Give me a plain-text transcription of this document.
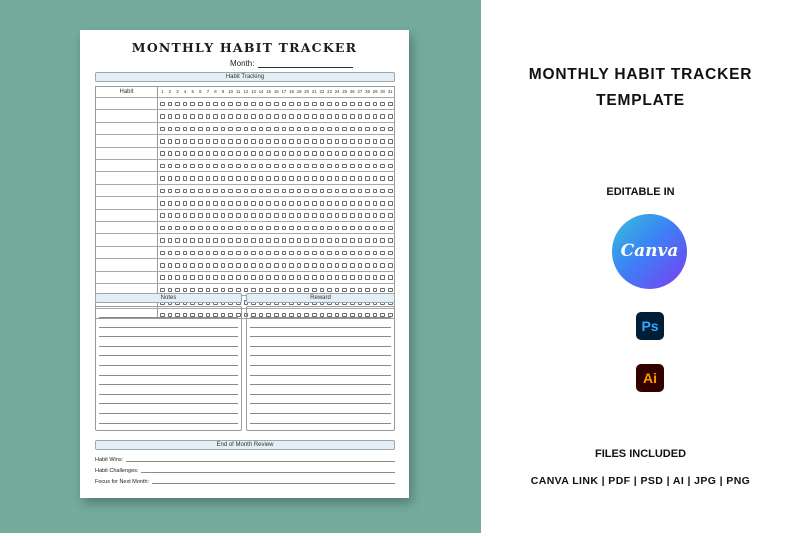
MONTHLY HABIT TRACKER
Month:
Habit Tracking
Habit	1	2	3	4	5	6	7	8	9 10 11 12 13 14 15 16 17 18 19 20 21 22 23 24 25 26 27 28 29 30 31
Notes	Reward
End of Month Review
Habit Wins:
Habit Challenges:
Focus for Next Month:
MONTHLY HABIT TRACKER
TEMPLATE
EDITABLE IN
Canva
Ps
Ai
FILES INCLUDED
CANVA LINK | PDF | PSD | AI | JPG | PNG
